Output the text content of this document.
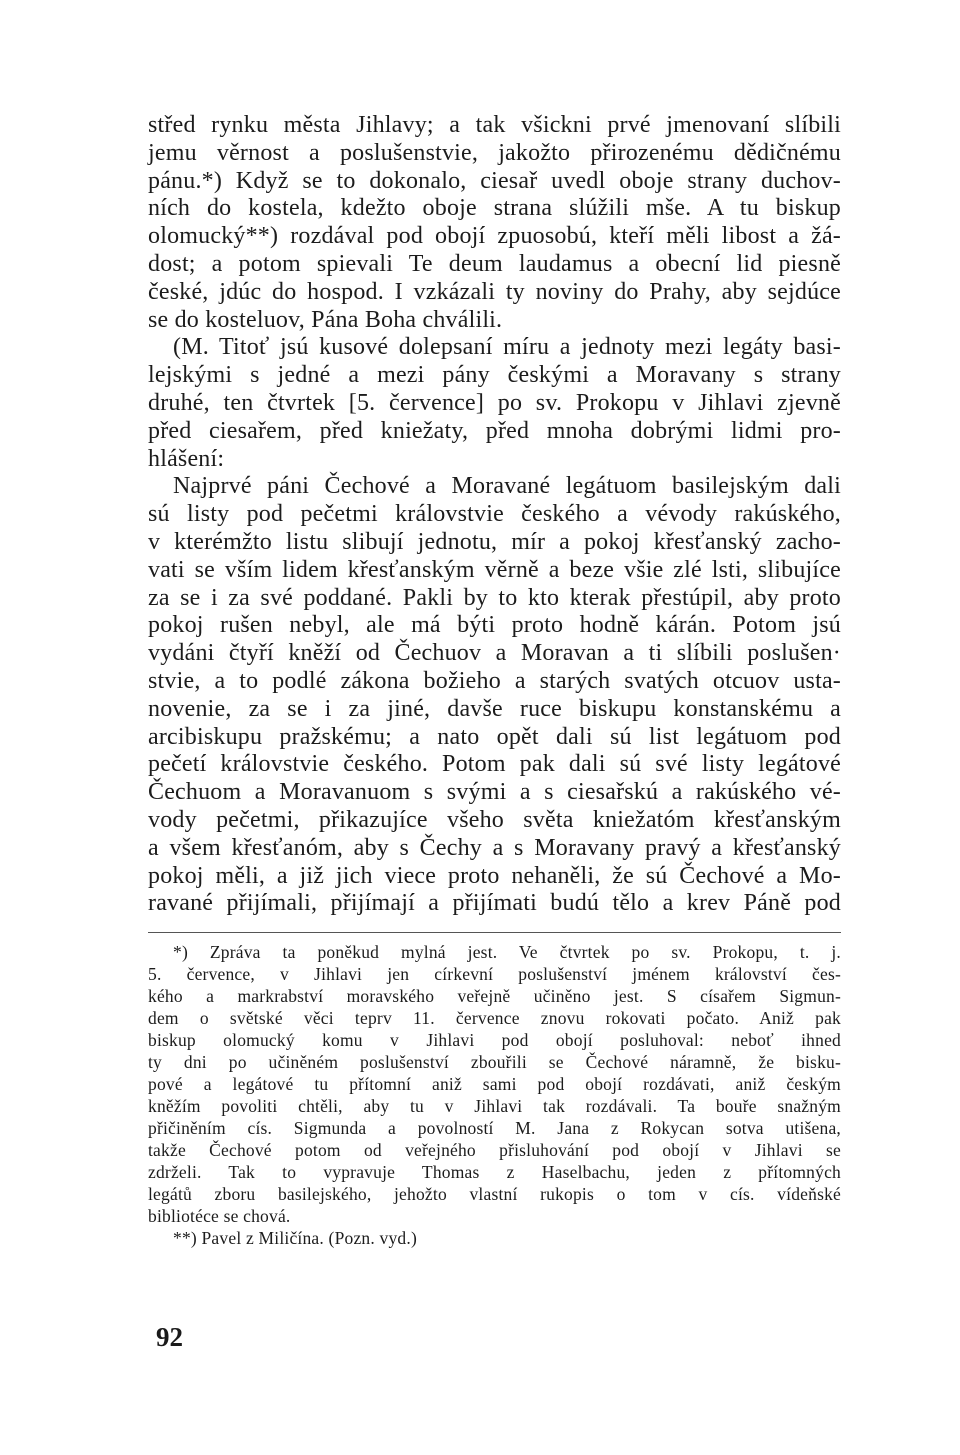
střed rynku města Jihlavy; a tak všickni prvé jmenovaní slíbili
jemu věrnost a poslušenstvie, jakožto přirozenému dědičnému
pánu.*) Když se to dokonalo, ciesař uvedl oboje strany duchov-
ních do kostela, kdežto oboje strana slúžili mše. A tu biskup
olomucký**) rozdával pod obojí zpuosobú, kteří měli libost a žá-
dost; a potom spievali Te deum laudamus a obecní lid piesně
české, jdúc do hospod. I vzkázali ty noviny do Prahy, aby sejdúce
se do kosteluov, Pána Boha chválili.

(M. Titoť jsú kusové dolepsaní míru a jednoty mezi legáty basi-
lejskými s jedné a mezi pány českými a Moravany s strany
druhé, ten čtvrtek [5. července] po sv. Prokopu v Jihlavi zjevně
před ciesařem, před kniežaty, před mnoha dobrými lidmi pro-
hlášení:

Najprvé páni Čechové a Moravané legátuom basilejským dali
sú listy pod pečetmi královstvie českého a vévody rakúského,
v kterémžto listu slibují jednotu, mír a pokoj křesťanský zacho-
vati se vším lidem křesťanským věrně a beze všie zlé lsti, slibujíce
za se i za své poddané. Pakli by to kto kterak přestúpil, aby proto
pokoj rušen nebyl, ale má býti proto hodně kárán. Potom jsú
vydáni čtyří kněží od Čechuov a Moravan a ti slíbili poslušen·
stvie, a to podlé zákona božieho a starých svatých otcuov usta-
novenie, za se i za jiné, davše ruce biskupu konstanskému a
arcibiskupu pražskému; a nato opět dali sú list legátuom pod
pečetí královstvie českého. Potom pak dali sú své listy legátové
Čechuom a Moravanuom s svými a s ciesařskú a rakúského vé-
vody pečetmi, přikazujíce všeho světa kniežatóm křesťanským
a všem křesťanóm, aby s Čechy a s Moravany pravý a křesťanský
pokoj měli, a již jich viece proto nehaněli, že sú Čechové a Mo-
ravané přijímali, přijímají a přijímati budú tělo a krev Páně pod

*) Zpráva ta poněkud mylná jest. Ve čtvrtek po sv. Prokopu, t. j.
5. července, v Jihlavi jen církevní poslušenství jménem království čes-
kého a markrabství moravského veřejně učiněno jest. S císařem Sigmun-
dem o světské věci teprv 11. července znovu rokovati počato. Aniž pak
biskup olomucký komu v Jihlavi pod obojí posluhoval: neboť ihned
ty dni po učiněném poslušenství zbouřili se Čechové náramně, že bisku-
pové a legátové tu přítomní aniž sami pod obojí rozdávati, aniž českým
kněžím povoliti chtěli, aby tu v Jihlavi tak rozdávali. Ta bouře snažným
přičiněním cís. Sigmunda a povolností M. Jana z Rokycan sotva utišena,
takže Čechové potom od veřejného přisluhování pod obojí v Jihlavi se
zdrželi. Tak to vypravuje Thomas z Haselbachu, jeden z přítomných
legátů zboru basilejského, jehožto vlastní rukopis o tom v cís. vídeňské
bibliotéce se chová.

**) Pavel z Miličína. (Pozn. vyd.)

92
